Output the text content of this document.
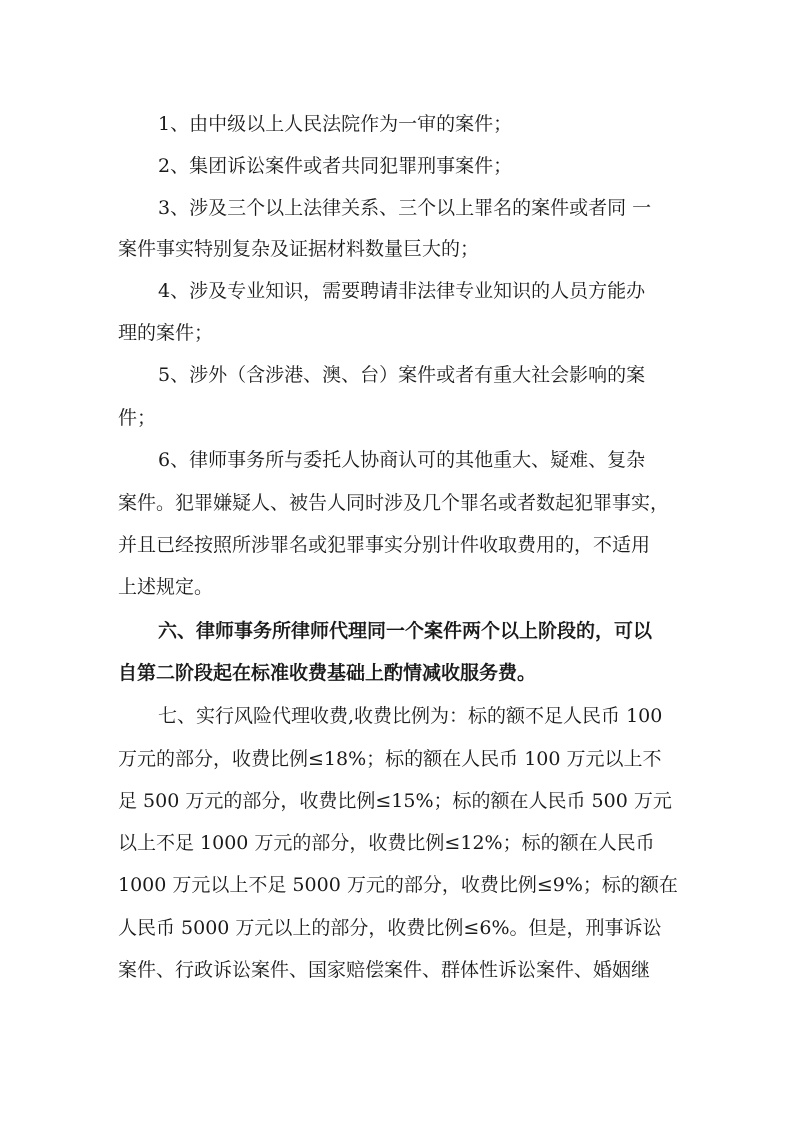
1、由中级以上人民法院作为一审的案件；
2、集团诉讼案件或者共同犯罪刑事案件；
3、涉及三个以上法律关系、三个以上罪名的案件或者同 一
案件事实特别复杂及证据材料数量巨大的；
4、涉及专业知识，需要聘请非法律专业知识的人员方能办
理的案件；
5、涉外（含涉港、澳、台）案件或者有重大社会影响的案
件；
6、律师事务所与委托人协商认可的其他重大、疑难、复杂
案件。犯罪嫌疑人、被告人同时涉及几个罪名或者数起犯罪事实，
并且已经按照所涉罪名或犯罪事实分别计件收取费用的，不适用
上述规定。
六、律师事务所律师代理同一个案件两个以上阶段的，可以
自第二阶段起在标准收费基础上酌情减收服务费。
七、实行风险代理收费,收费比例为：标的额不足人民币 100
万元的部分，收费比例≤18%；标的额在人民币 100 万元以上不
足 500 万元的部分，收费比例≤15%；标的额在人民币 500 万元
以上不足 1000 万元的部分，收费比例≤12%；标的额在人民币
1000 万元以上不足 5000 万元的部分，收费比例≤9%；标的额在
人民币 5000 万元以上的部分，收费比例≤6%。但是，刑事诉讼
案件、行政诉讼案件、国家赔偿案件、群体性诉讼案件、婚姻继
